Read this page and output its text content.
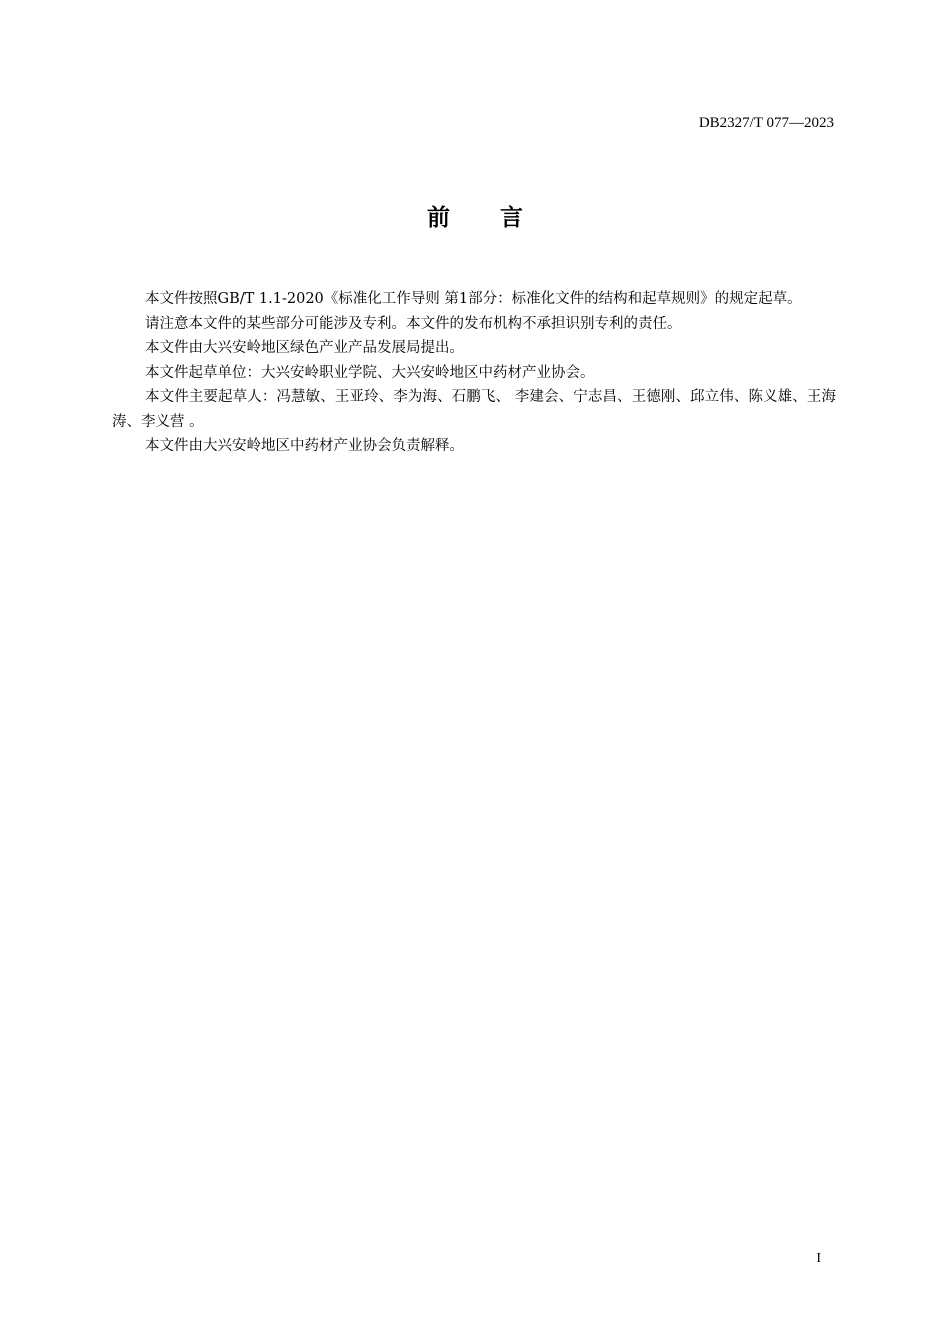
DB2327/T 077—2023
前 言

本文件按照GB/T 1.1-2020《标准化工作导则 第1部分：标准化文件的结构和起草规则》的规定起草。

请注意本文件的某些部分可能涉及专利。本文件的发布机构不承担识别专利的责任。

本文件由大兴安岭地区绿色产业产品发展局提出。

本文件起草单位：大兴安岭职业学院、大兴安岭地区中药材产业协会。

本文件主要起草人：冯慧敏、王亚玲、李为海、石鹏飞、 李建会、宁志昌、王德刚、邱立伟、陈义雄、王海涛、李义营 。

本文件由大兴安岭地区中药材产业协会负责解释。

I
